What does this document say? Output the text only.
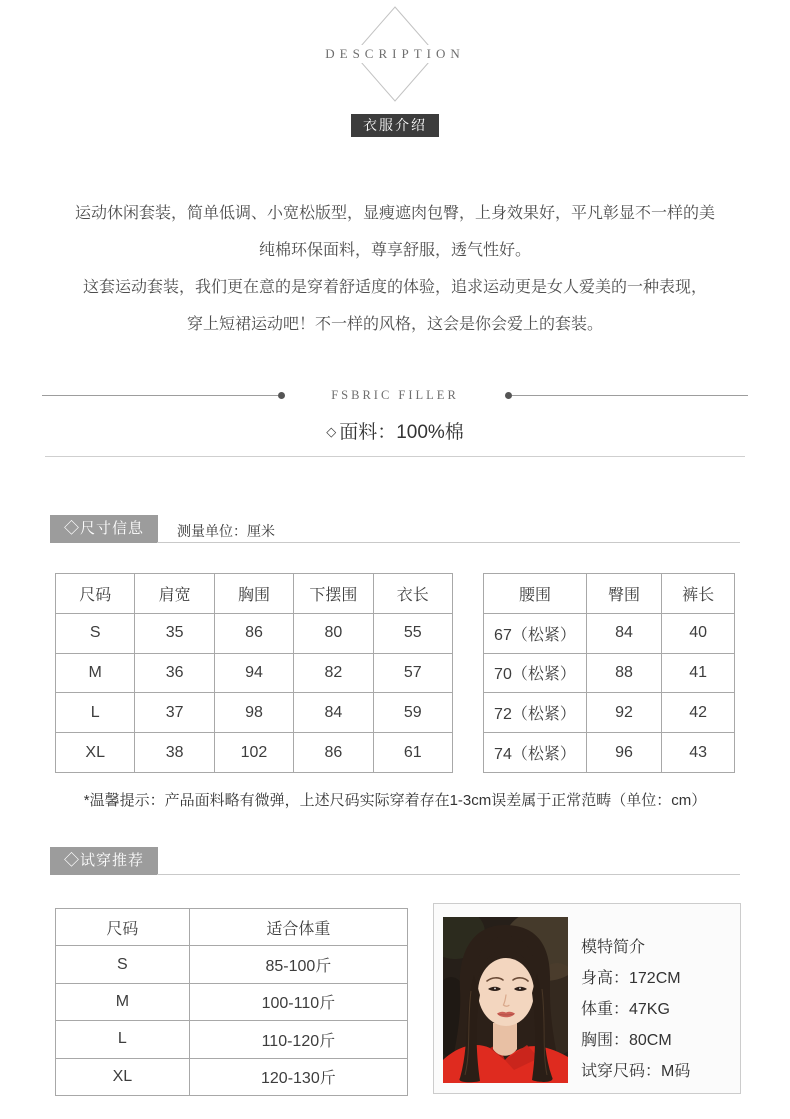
DESCRIPTION
衣服介绍
运动休闲套装，简单低调、小宽松版型，显瘦遮肉包臀，上身效果好，平凡彰显不一样的美
纯棉环保面料，尊享舒服，透气性好。
这套运动套装，我们更在意的是穿着舒适度的体验，追求运动更是女人爱美的一种表现，
穿上短裙运动吧！不一样的风格，这会是你会爱上的套装。
FSBRIC FILLER
◇ 面料：100%棉
◇尺寸信息	测量单位：厘米
尺码	肩宽	胸围	下摆围	衣长
S	35	86	80	55
M	36	94	82	57
L	37	98	84	59
XL	38	102	86	61
腰围	臀围	裤长
67（松紧）	84	40
70（松紧）	88	41
72（松紧）	92	42
74（松紧）	96	43
*温馨提示：产品面料略有微弹，上述尺码实际穿着存在1-3cm误差属于正常范畴（单位：cm）
◇试穿推荐
尺码	适合体重
S	85-100斤
M	100-110斤
L	110-120斤
XL	120-130斤
模特简介
身高：172CM
体重：47KG
胸围：80CM
试穿尺码：M码
